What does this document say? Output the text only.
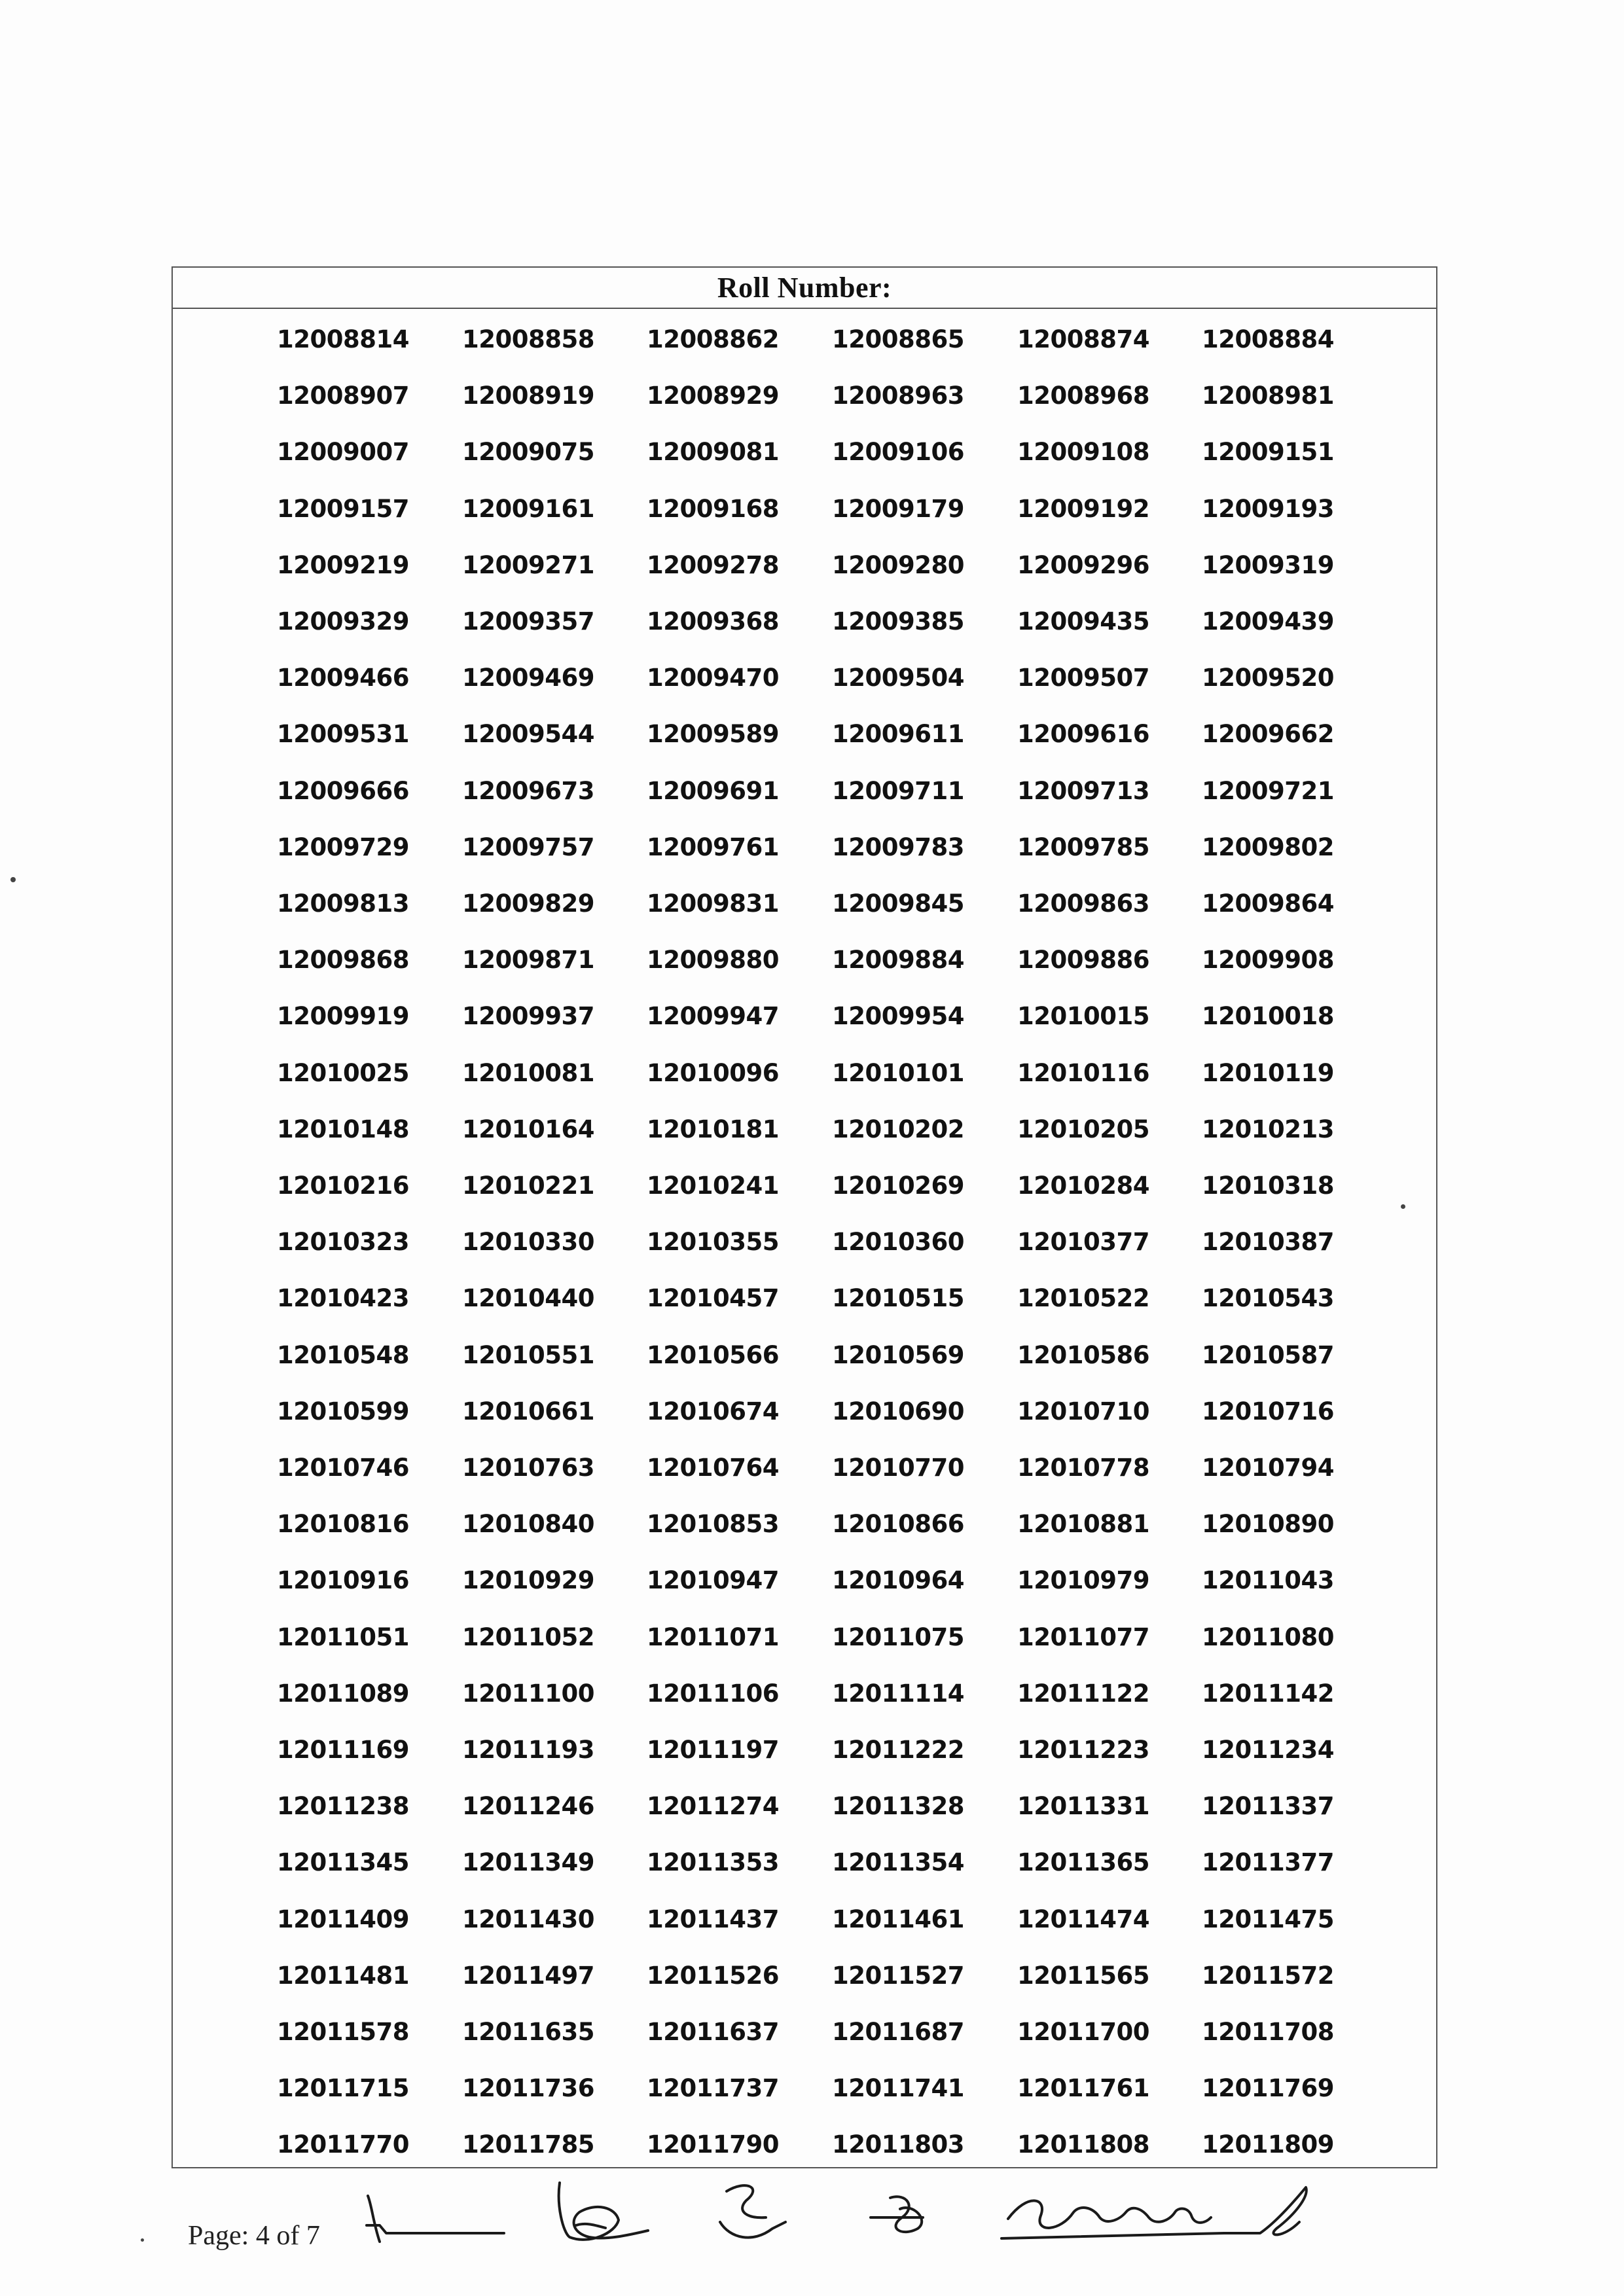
Roll Number:
12008814 12008858 12008862 12008865 12008874 12008884
12008907 12008919 12008929 12008963 12008968 12008981
12009007 12009075 12009081 12009106 12009108 12009151
12009157 12009161 12009168 12009179 12009192 12009193
12009219 12009271 12009278 12009280 12009296 12009319
12009329 12009357 12009368 12009385 12009435 12009439
12009466 12009469 12009470 12009504 12009507 12009520
12009531 12009544 12009589 12009611 12009616 12009662
12009666 12009673 12009691 12009711 12009713 12009721
12009729 12009757 12009761 12009783 12009785 12009802
12009813 12009829 12009831 12009845 12009863 12009864
12009868 12009871 12009880 12009884 12009886 12009908
12009919 12009937 12009947 12009954 12010015 12010018
12010025 12010081 12010096 12010101 12010116 12010119
12010148 12010164 12010181 12010202 12010205 12010213
12010216 12010221 12010241 12010269 12010284 12010318
12010323 12010330 12010355 12010360 12010377 12010387
12010423 12010440 12010457 12010515 12010522 12010543
12010548 12010551 12010566 12010569 12010586 12010587
12010599 12010661 12010674 12010690 12010710 12010716
12010746 12010763 12010764 12010770 12010778 12010794
12010816 12010840 12010853 12010866 12010881 12010890
12010916 12010929 12010947 12010964 12010979 12011043
12011051 12011052 12011071 12011075 12011077 12011080
12011089 12011100 12011106 12011114 12011122 12011142
12011169 12011193 12011197 12011222 12011223 12011234
12011238 12011246 12011274 12011328 12011331 12011337
12011345 12011349 12011353 12011354 12011365 12011377
12011409 12011430 12011437 12011461 12011474 12011475
12011481 12011497 12011526 12011527 12011565 12011572
12011578 12011635 12011637 12011687 12011700 12011708
12011715 12011736 12011737 12011741 12011761 12011769
12011770 12011785 12011790 12011803 12011808 12011809
Page: 4 of 7
